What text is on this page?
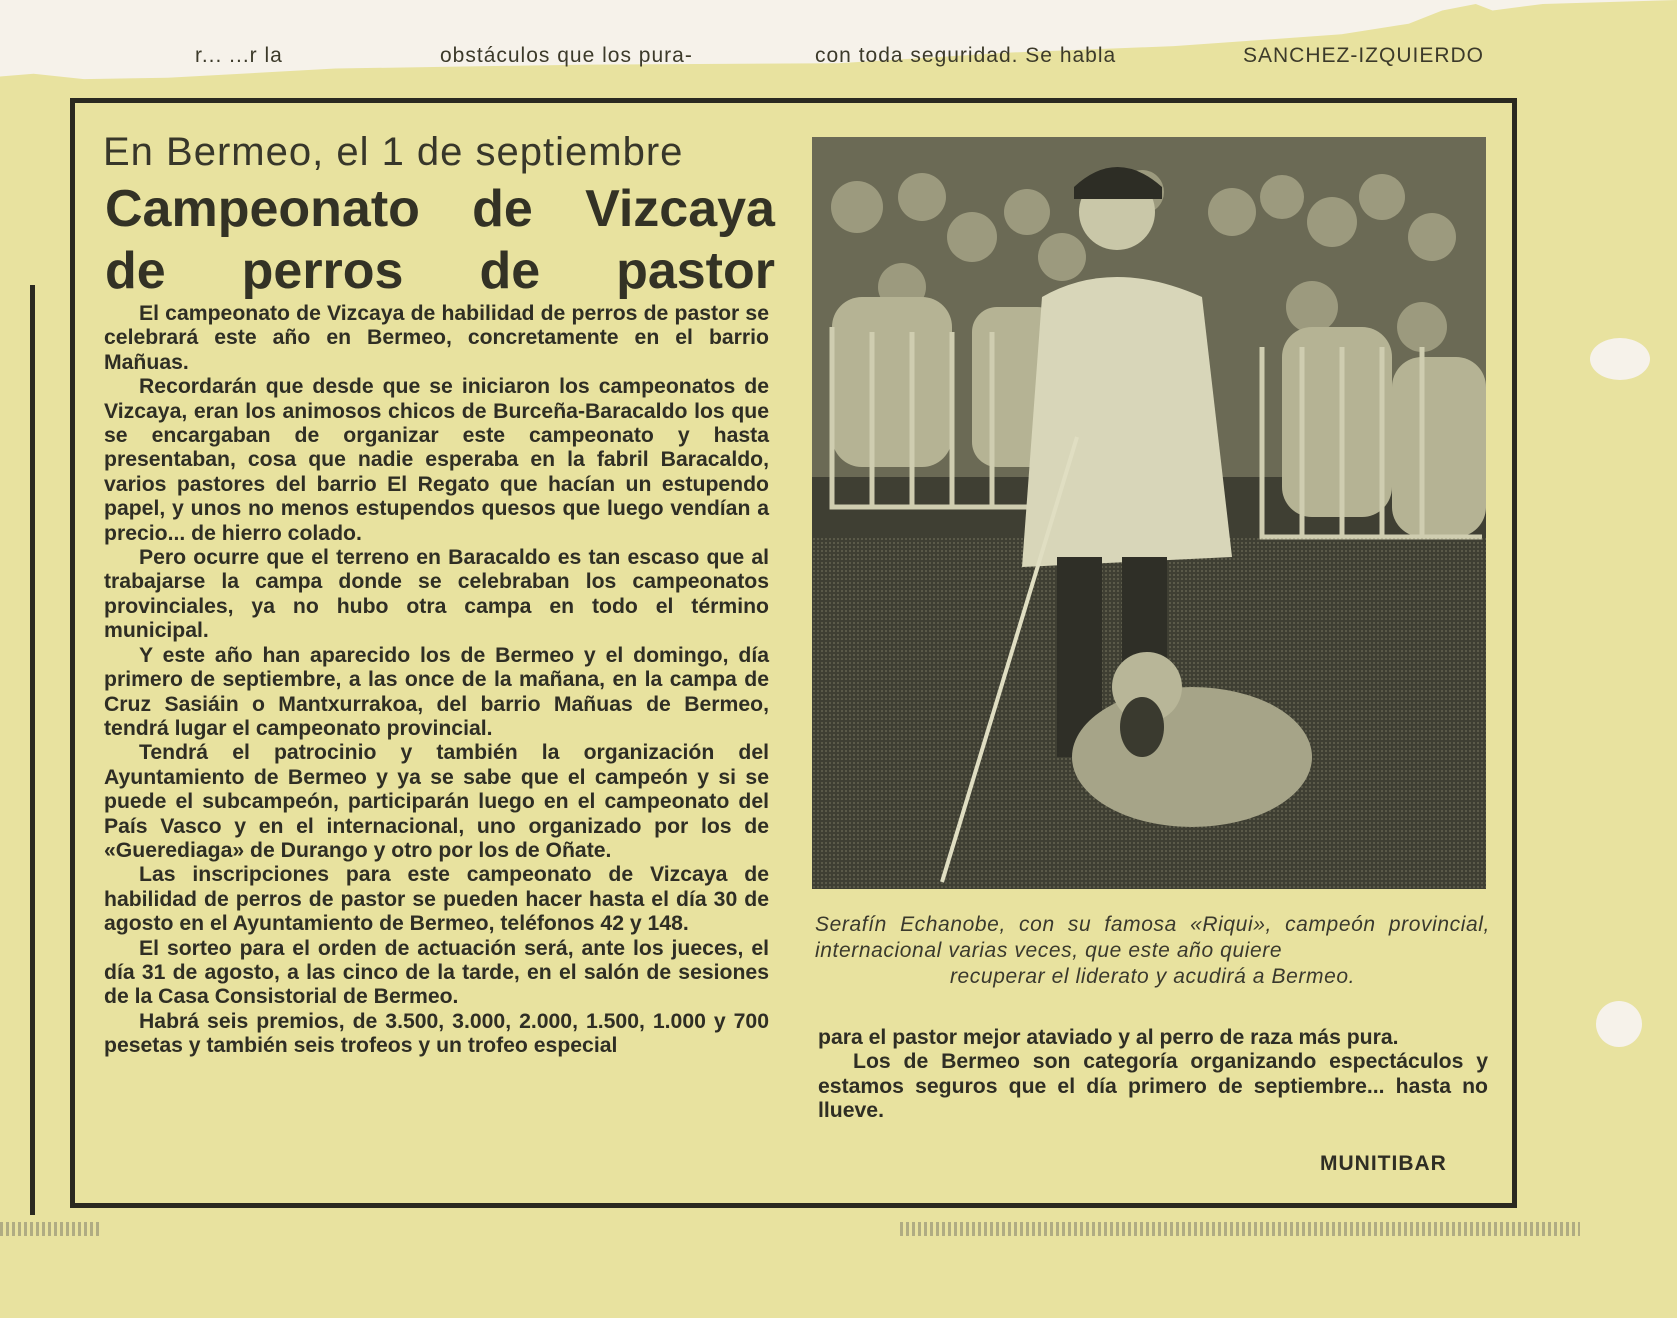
r... ...r la	obstáculos que los pura-	con toda seguridad. Se habla	SANCHEZ-IZQUIERDO
En Bermeo, el 1 de septiembre
Campeonato de Vizcaya
de perros de pastor

El campeonato de Vizcaya de habilidad de perros de pastor se celebrará este año en Bermeo, concretamente en el barrio Mañuas.

Recordarán que desde que se iniciaron los campeonatos de Vizcaya, eran los animosos chicos de Burceña-Baracaldo los que se encargaban de organizar este campeonato y hasta presentaban, cosa que nadie esperaba en la fabril Baracaldo, varios pastores del barrio El Regato que hacían un estupendo papel, y unos no menos estupendos quesos que luego vendían a precio... de hierro colado.

Pero ocurre que el terreno en Baracaldo es tan escaso que al trabajarse la campa donde se celebraban los campeonatos provinciales, ya no hubo otra campa en todo el término municipal.

Y este año han aparecido los de Bermeo y el domingo, día primero de septiembre, a las once de la mañana, en la campa de Cruz Sasiáin o Mantxurrakoa, del barrio Mañuas de Bermeo, tendrá lugar el campeonato provincial.

Tendrá el patrocinio y también la organización del Ayuntamiento de Bermeo y ya se sabe que el campeón y si se puede el subcampeón, participarán luego en el campeonato del País Vasco y en el internacional, uno organizado por los de «Guerediaga» de Durango y otro por los de Oñate.

Las inscripciones para este campeonato de Vizcaya de habilidad de perros de pastor se pueden hacer hasta el día 30 de agosto en el Ayuntamiento de Bermeo, teléfonos 42 y 148.

El sorteo para el orden de actuación será, ante los jueces, el día 31 de agosto, a las cinco de la tarde, en el salón de sesiones de la Casa Consistorial de Bermeo.

Habrá seis premios, de 3.500, 3.000, 2.000, 1.500, 1.000 y 700 pesetas y también seis trofeos y un trofeo especial

Serafín Echanobe, con su famosa «Riqui», campeón provincial, internacional varias veces, que este año quiere
recuperar el liderato y acudirá a Bermeo.

para el pastor mejor ataviado y al perro de raza más pura.

Los de Bermeo son categoría organizando espectáculos y estamos seguros que el día primero de septiembre... hasta no llueve.

MUNITIBAR
